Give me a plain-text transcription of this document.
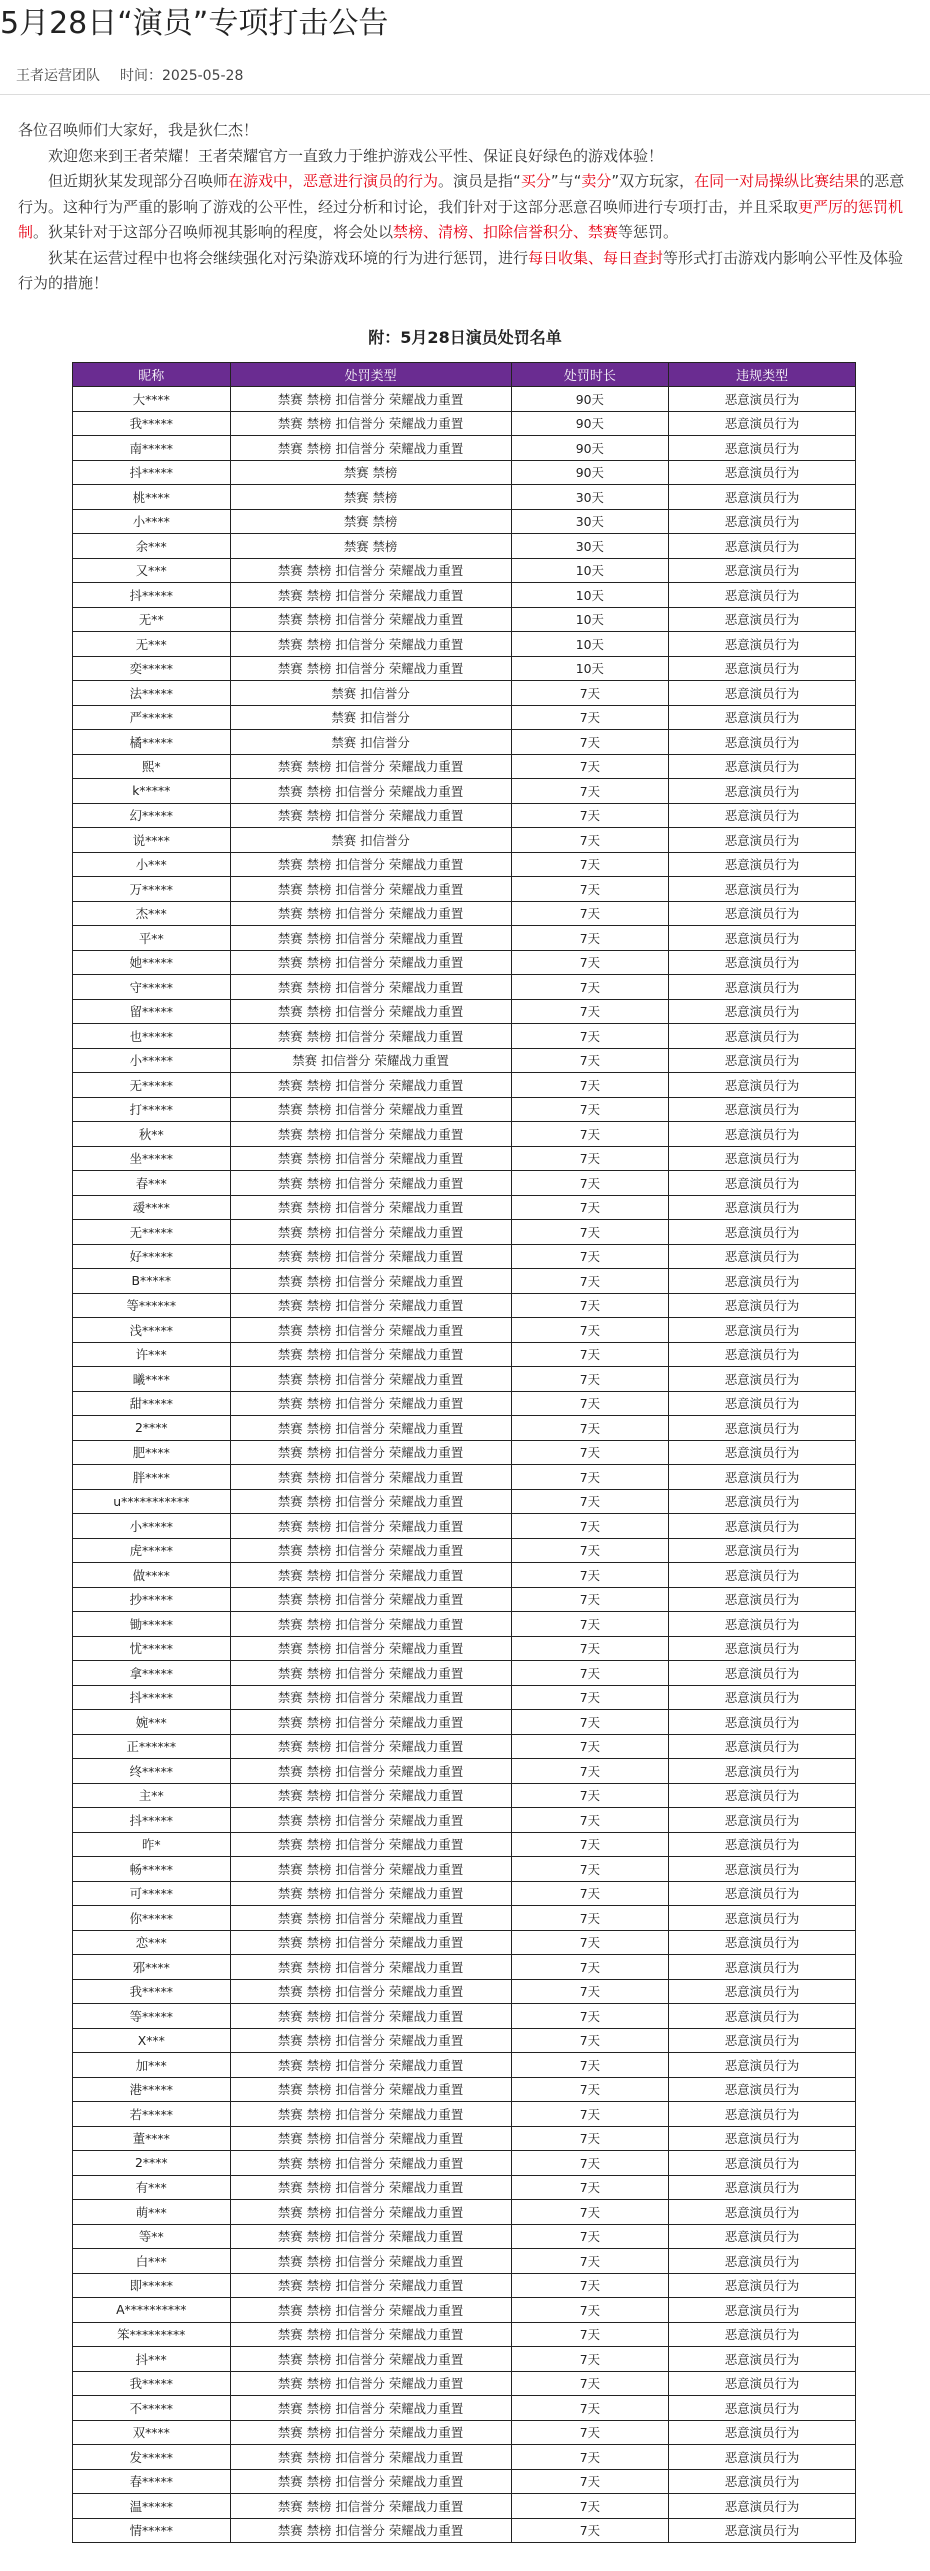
5月28日“演员”专项打击公告
王者运营团队 时间：2025-05-28

各位召唤师们大家好，我是狄仁杰！

欢迎您来到王者荣耀！王者荣耀官方一直致力于维护游戏公平性、保证良好绿色的游戏体验！

但近期狄某发现部分召唤师在游戏中，恶意进行演员的行为。演员是指“买分”与“卖分”双方玩家，在同一对局操纵比赛结果的恶意行为。这种行为严重的影响了游戏的公平性，经过分析和讨论，我们针对于这部分恶意召唤师进行专项打击，并且采取更严厉的惩罚机制。狄某针对于这部分召唤师视其影响的程度，将会处以禁榜、清榜、扣除信誉积分、禁赛等惩罚。

狄某在运营过程中也将会继续强化对污染游戏环境的行为进行惩罚，进行每日收集、每日查封等形式打击游戏内影响公平性及体验行为的措施！

附：5月28日演员处罚名单
昵称	处罚类型	处罚时长	违规类型
大****	禁赛 禁榜 扣信誉分 荣耀战力重置	90天	恶意演员行为
我*****	禁赛 禁榜 扣信誉分 荣耀战力重置	90天	恶意演员行为
南*****	禁赛 禁榜 扣信誉分 荣耀战力重置	90天	恶意演员行为
抖*****	禁赛 禁榜	90天	恶意演员行为
桃****	禁赛 禁榜	30天	恶意演员行为
小****	禁赛 禁榜	30天	恶意演员行为
余***	禁赛 禁榜	30天	恶意演员行为
又***	禁赛 禁榜 扣信誉分 荣耀战力重置	10天	恶意演员行为
抖*****	禁赛 禁榜 扣信誉分 荣耀战力重置	10天	恶意演员行为
无**	禁赛 禁榜 扣信誉分 荣耀战力重置	10天	恶意演员行为
无***	禁赛 禁榜 扣信誉分 荣耀战力重置	10天	恶意演员行为
奕*****	禁赛 禁榜 扣信誉分 荣耀战力重置	10天	恶意演员行为
法*****	禁赛 扣信誉分	7天	恶意演员行为
严*****	禁赛 扣信誉分	7天	恶意演员行为
橘*****	禁赛 扣信誉分	7天	恶意演员行为
熙*	禁赛 禁榜 扣信誉分 荣耀战力重置	7天	恶意演员行为
k*****	禁赛 禁榜 扣信誉分 荣耀战力重置	7天	恶意演员行为
幻*****	禁赛 禁榜 扣信誉分 荣耀战力重置	7天	恶意演员行为
说****	禁赛 扣信誉分	7天	恶意演员行为
小***	禁赛 禁榜 扣信誉分 荣耀战力重置	7天	恶意演员行为
万*****	禁赛 禁榜 扣信誉分 荣耀战力重置	7天	恶意演员行为
杰***	禁赛 禁榜 扣信誉分 荣耀战力重置	7天	恶意演员行为
平**	禁赛 禁榜 扣信誉分 荣耀战力重置	7天	恶意演员行为
她*****	禁赛 禁榜 扣信誉分 荣耀战力重置	7天	恶意演员行为
守*****	禁赛 禁榜 扣信誉分 荣耀战力重置	7天	恶意演员行为
留*****	禁赛 禁榜 扣信誉分 荣耀战力重置	7天	恶意演员行为
也*****	禁赛 禁榜 扣信誉分 荣耀战力重置	7天	恶意演员行为
小*****	禁赛 扣信誉分 荣耀战力重置	7天	恶意演员行为
无*****	禁赛 禁榜 扣信誉分 荣耀战力重置	7天	恶意演员行为
打*****	禁赛 禁榜 扣信誉分 荣耀战力重置	7天	恶意演员行为
秋**	禁赛 禁榜 扣信誉分 荣耀战力重置	7天	恶意演员行为
坐*****	禁赛 禁榜 扣信誉分 荣耀战力重置	7天	恶意演员行为
春***	禁赛 禁榜 扣信誉分 荣耀战力重置	7天	恶意演员行为
叆****	禁赛 禁榜 扣信誉分 荣耀战力重置	7天	恶意演员行为
无*****	禁赛 禁榜 扣信誉分 荣耀战力重置	7天	恶意演员行为
好*****	禁赛 禁榜 扣信誉分 荣耀战力重置	7天	恶意演员行为
B*****	禁赛 禁榜 扣信誉分 荣耀战力重置	7天	恶意演员行为
等******	禁赛 禁榜 扣信誉分 荣耀战力重置	7天	恶意演员行为
浅*****	禁赛 禁榜 扣信誉分 荣耀战力重置	7天	恶意演员行为
许***	禁赛 禁榜 扣信誉分 荣耀战力重置	7天	恶意演员行为
曦****	禁赛 禁榜 扣信誉分 荣耀战力重置	7天	恶意演员行为
甜*****	禁赛 禁榜 扣信誉分 荣耀战力重置	7天	恶意演员行为
2****	禁赛 禁榜 扣信誉分 荣耀战力重置	7天	恶意演员行为
肥****	禁赛 禁榜 扣信誉分 荣耀战力重置	7天	恶意演员行为
胖****	禁赛 禁榜 扣信誉分 荣耀战力重置	7天	恶意演员行为
u***********	禁赛 禁榜 扣信誉分 荣耀战力重置	7天	恶意演员行为
小*****	禁赛 禁榜 扣信誉分 荣耀战力重置	7天	恶意演员行为
虎*****	禁赛 禁榜 扣信誉分 荣耀战力重置	7天	恶意演员行为
做****	禁赛 禁榜 扣信誉分 荣耀战力重置	7天	恶意演员行为
抄*****	禁赛 禁榜 扣信誉分 荣耀战力重置	7天	恶意演员行为
锄*****	禁赛 禁榜 扣信誉分 荣耀战力重置	7天	恶意演员行为
忧*****	禁赛 禁榜 扣信誉分 荣耀战力重置	7天	恶意演员行为
拿*****	禁赛 禁榜 扣信誉分 荣耀战力重置	7天	恶意演员行为
抖*****	禁赛 禁榜 扣信誉分 荣耀战力重置	7天	恶意演员行为
婉***	禁赛 禁榜 扣信誉分 荣耀战力重置	7天	恶意演员行为
正******	禁赛 禁榜 扣信誉分 荣耀战力重置	7天	恶意演员行为
终*****	禁赛 禁榜 扣信誉分 荣耀战力重置	7天	恶意演员行为
主**	禁赛 禁榜 扣信誉分 荣耀战力重置	7天	恶意演员行为
抖*****	禁赛 禁榜 扣信誉分 荣耀战力重置	7天	恶意演员行为
昨*	禁赛 禁榜 扣信誉分 荣耀战力重置	7天	恶意演员行为
畅*****	禁赛 禁榜 扣信誉分 荣耀战力重置	7天	恶意演员行为
可*****	禁赛 禁榜 扣信誉分 荣耀战力重置	7天	恶意演员行为
你*****	禁赛 禁榜 扣信誉分 荣耀战力重置	7天	恶意演员行为
恋***	禁赛 禁榜 扣信誉分 荣耀战力重置	7天	恶意演员行为
邪****	禁赛 禁榜 扣信誉分 荣耀战力重置	7天	恶意演员行为
我*****	禁赛 禁榜 扣信誉分 荣耀战力重置	7天	恶意演员行为
等*****	禁赛 禁榜 扣信誉分 荣耀战力重置	7天	恶意演员行为
X***	禁赛 禁榜 扣信誉分 荣耀战力重置	7天	恶意演员行为
加***	禁赛 禁榜 扣信誉分 荣耀战力重置	7天	恶意演员行为
港*****	禁赛 禁榜 扣信誉分 荣耀战力重置	7天	恶意演员行为
若*****	禁赛 禁榜 扣信誉分 荣耀战力重置	7天	恶意演员行为
董****	禁赛 禁榜 扣信誉分 荣耀战力重置	7天	恶意演员行为
2****	禁赛 禁榜 扣信誉分 荣耀战力重置	7天	恶意演员行为
有***	禁赛 禁榜 扣信誉分 荣耀战力重置	7天	恶意演员行为
萌***	禁赛 禁榜 扣信誉分 荣耀战力重置	7天	恶意演员行为
等**	禁赛 禁榜 扣信誉分 荣耀战力重置	7天	恶意演员行为
白***	禁赛 禁榜 扣信誉分 荣耀战力重置	7天	恶意演员行为
即*****	禁赛 禁榜 扣信誉分 荣耀战力重置	7天	恶意演员行为
A**********	禁赛 禁榜 扣信誉分 荣耀战力重置	7天	恶意演员行为
笨*********	禁赛 禁榜 扣信誉分 荣耀战力重置	7天	恶意演员行为
抖***	禁赛 禁榜 扣信誉分 荣耀战力重置	7天	恶意演员行为
我*****	禁赛 禁榜 扣信誉分 荣耀战力重置	7天	恶意演员行为
不*****	禁赛 禁榜 扣信誉分 荣耀战力重置	7天	恶意演员行为
双****	禁赛 禁榜 扣信誉分 荣耀战力重置	7天	恶意演员行为
发*****	禁赛 禁榜 扣信誉分 荣耀战力重置	7天	恶意演员行为
春*****	禁赛 禁榜 扣信誉分 荣耀战力重置	7天	恶意演员行为
温*****	禁赛 禁榜 扣信誉分 荣耀战力重置	7天	恶意演员行为
情*****	禁赛 禁榜 扣信誉分 荣耀战力重置	7天	恶意演员行为
